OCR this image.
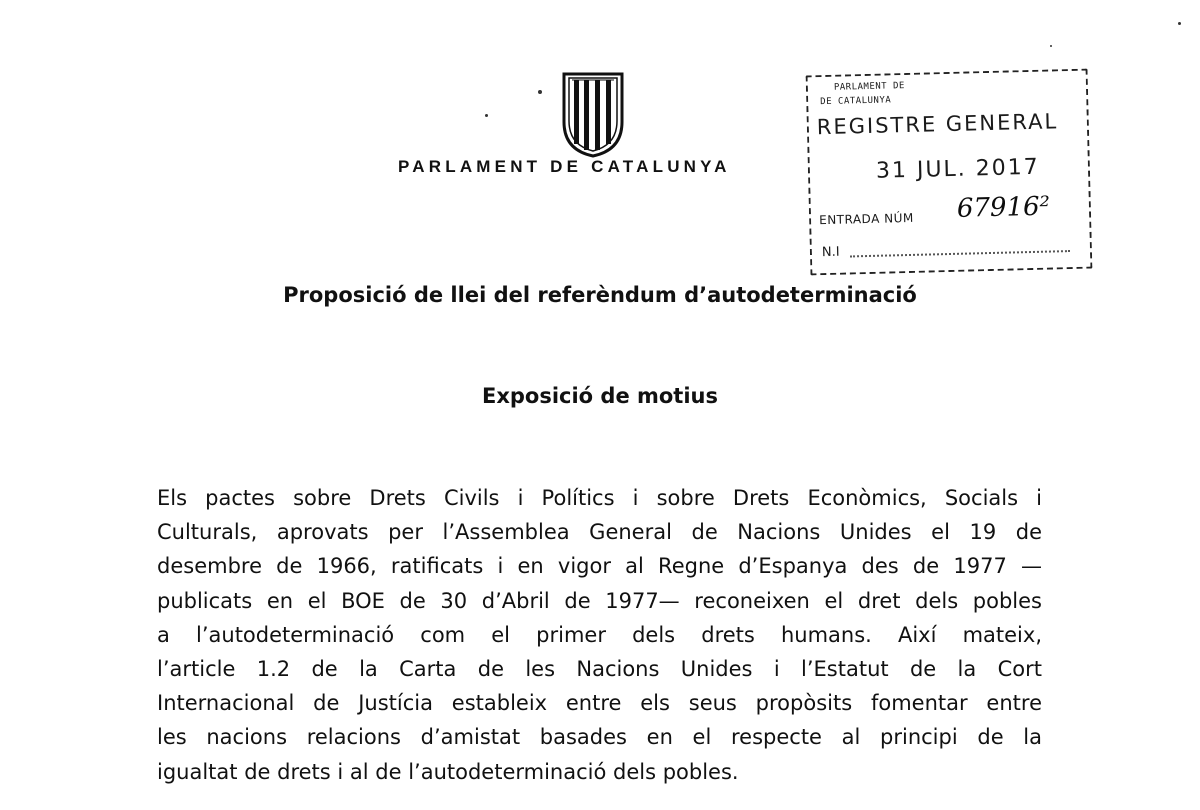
PARLAMENT DE CATALUNYA
PARLAMENT DE
DE CATALUNYA
REGISTRE GENERAL
31 JUL. 2017
ENTRADA NÚM 67916²
N.I
Proposició de llei del referèndum d’autodeterminació
Exposició de motius
Els pactes sobre Drets Civils i Polítics i sobre Drets Econòmics, Socials i
Culturals, aprovats per l’Assemblea General de Nacions Unides el 19 de
desembre de 1966, ratificats i en vigor al Regne d’Espanya des de 1977 —
publicats en el BOE de 30 d’Abril de 1977— reconeixen el dret dels pobles
a l’autodeterminació com el primer dels drets humans. Així mateix,
l’article 1.2 de la Carta de les Nacions Unides i l’Estatut de la Cort
Internacional de Justícia estableix entre els seus propòsits fomentar entre
les nacions relacions d’amistat basades en el respecte al principi de la
igualtat de drets i al de l’autodeterminació dels pobles.
